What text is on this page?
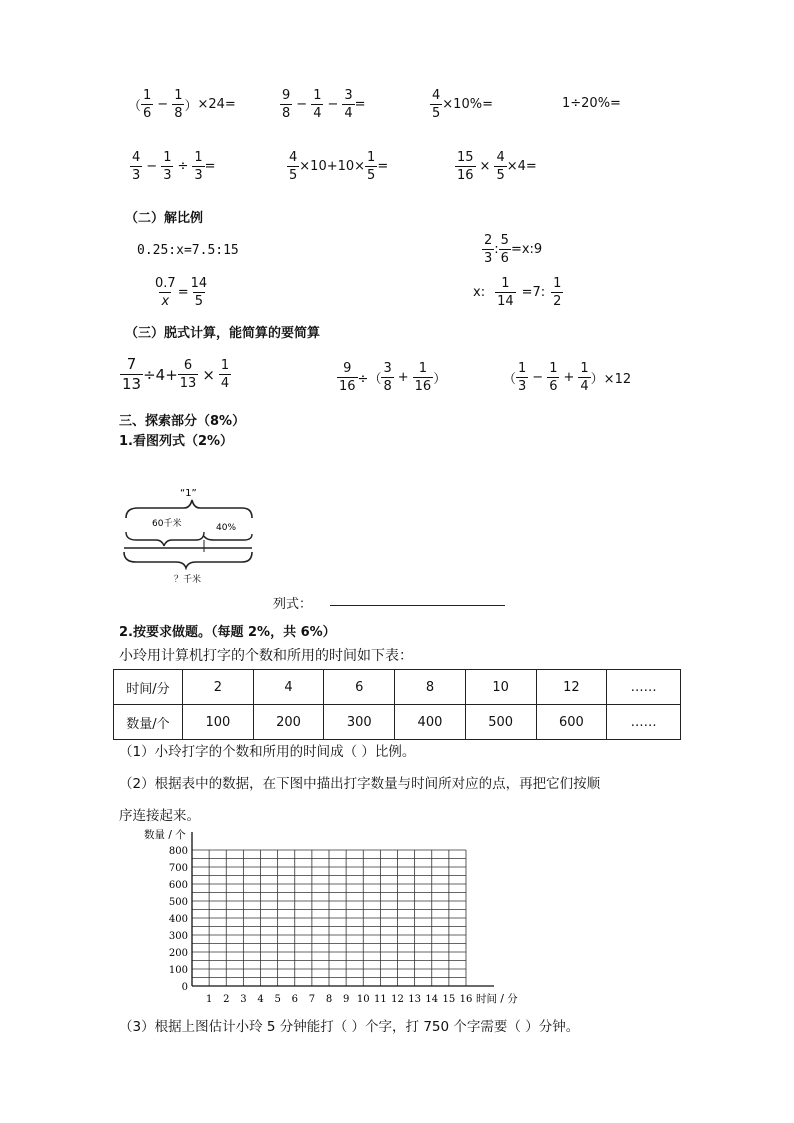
（ $\frac{1}{6} - \frac{1}{8}$ ） ×24=	$\frac{9}{8} - \frac{1}{4} - \frac{3}{4}$ =	$\frac{4}{5} \times 10\%=$	1÷20%=
$\frac{4}{3} - \frac{1}{3} \div \frac{1}{3}$ =	$\frac{4}{5} \times 10+10\times \frac{1}{5}$ =	$\frac{15}{16} \times \frac{4}{5} \times 4=$
（二）解比例
0.25:x=7.5:15	$\frac{2}{3}$ : $\frac{5}{6}$ =x:9
$\frac{0.7}{x} = \frac{14}{5}$	x: $\frac{1}{14} =7$: $\frac{1}{2}$
（三）脱式计算，能简算的要简算
$\frac{7}{13} \div 4+ \frac{6}{13} \times \frac{1}{4}$	$\frac{9}{16}$ ÷（ $\frac{3}{8} + \frac{1}{16}$ ）	（ $\frac{1}{3} - \frac{1}{6} + \frac{1}{4} )\times 12$
三、探索部分（8%）
1.看图列式（2%）
“1”
60千米	40%
？千米
列式：
2.按要求做题。（每题 2%，共 6%）
小玲用计算机打字的个数和所用的时间如下表：
时间/分	2	4	6	8	10	12	……
数量/个	100	200	300	400	500	600	……
（1）小玲打字的个数和所用的时间成（ ）比例。
（2）根据表中的数据，在下图中描出打字数量与时间所对应的点，再把它们按顺
序连接起来。
0
100
200
300
400
500
600
700
800
1 2 3 4 5 6 7 8 9 10 11 12 13 14 15 16
数量 / 个
时间 / 分
（3）根据上图估计小玲 5 分钟能打（ ）个字，打 750 个字需要（ ）分钟。
